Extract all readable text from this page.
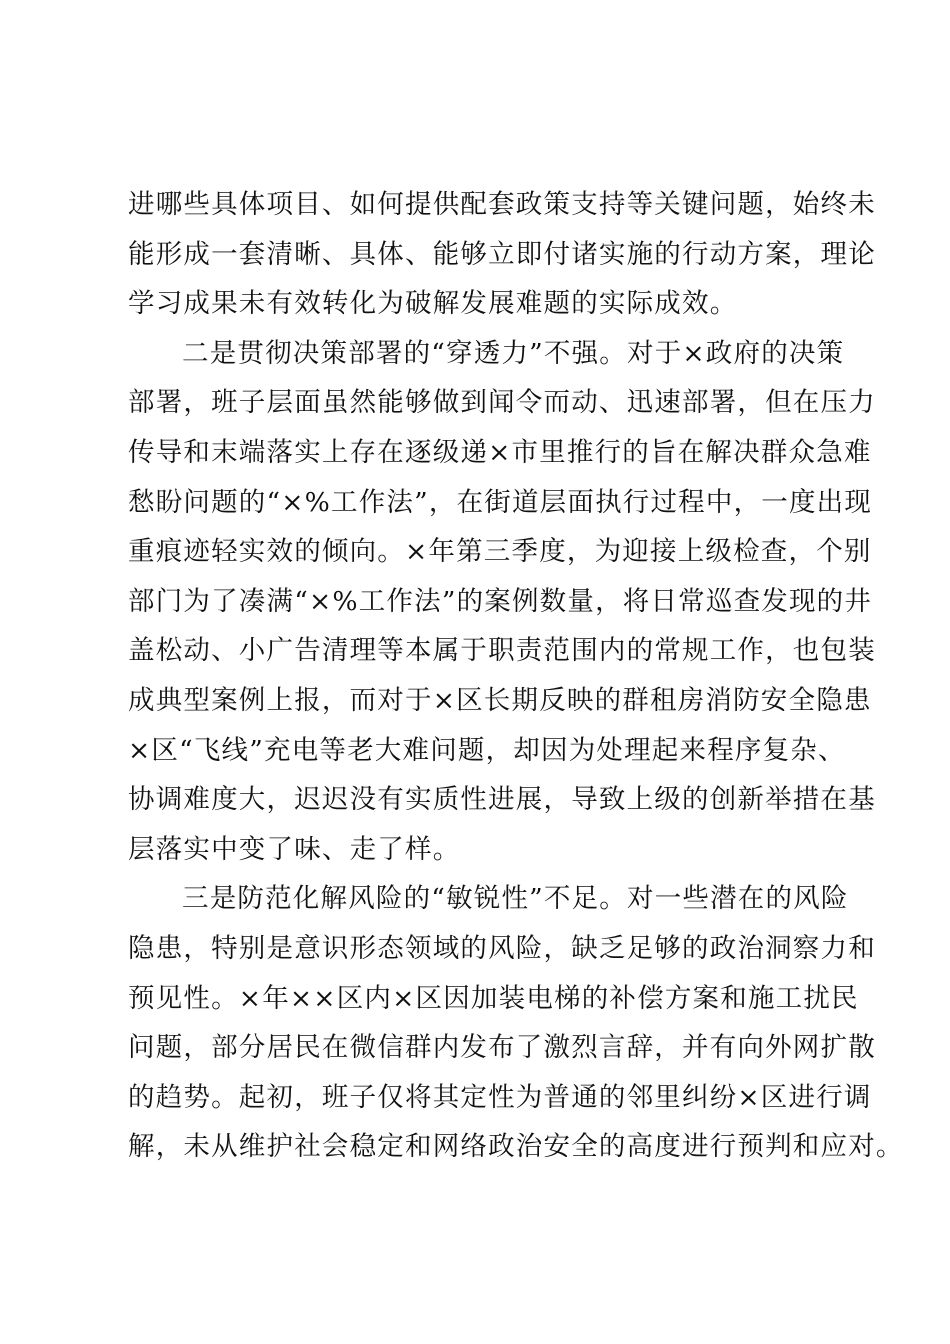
进哪些具体项目、如何提供配套政策支持等关键问题，始终未
能形成一套清晰、具体、能够立即付诸实施的行动方案，理论
学习成果未有效转化为破解发展难题的实际成效。

二是贯彻决策部署的“穿透力”不强。对于×政府的决策
部署，班子层面虽然能够做到闻令而动、迅速部署，但在压力
传导和末端落实上存在逐级递×市里推行的旨在解决群众急难
愁盼问题的“×%工作法”，在街道层面执行过程中，一度出现
重痕迹轻实效的倾向。×年第三季度，为迎接上级检查，个别
部门为了凑满“×%工作法”的案例数量，将日常巡查发现的井
盖松动、小广告清理等本属于职责范围内的常规工作，也包装
成典型案例上报，而对于×区长期反映的群租房消防安全隐患
×区“飞线”充电等老大难问题，却因为处理起来程序复杂、
协调难度大，迟迟没有实质性进展，导致上级的创新举措在基
层落实中变了味、走了样。

三是防范化解风险的“敏锐性”不足。对一些潜在的风险
隐患，特别是意识形态领域的风险，缺乏足够的政治洞察力和
预见性。×年××区内×区因加装电梯的补偿方案和施工扰民
问题，部分居民在微信群内发布了激烈言辞，并有向外网扩散
的趋势。起初，班子仅将其定性为普通的邻里纠纷×区进行调
解，未从维护社会稳定和网络政治安全的高度进行预判和应对。
